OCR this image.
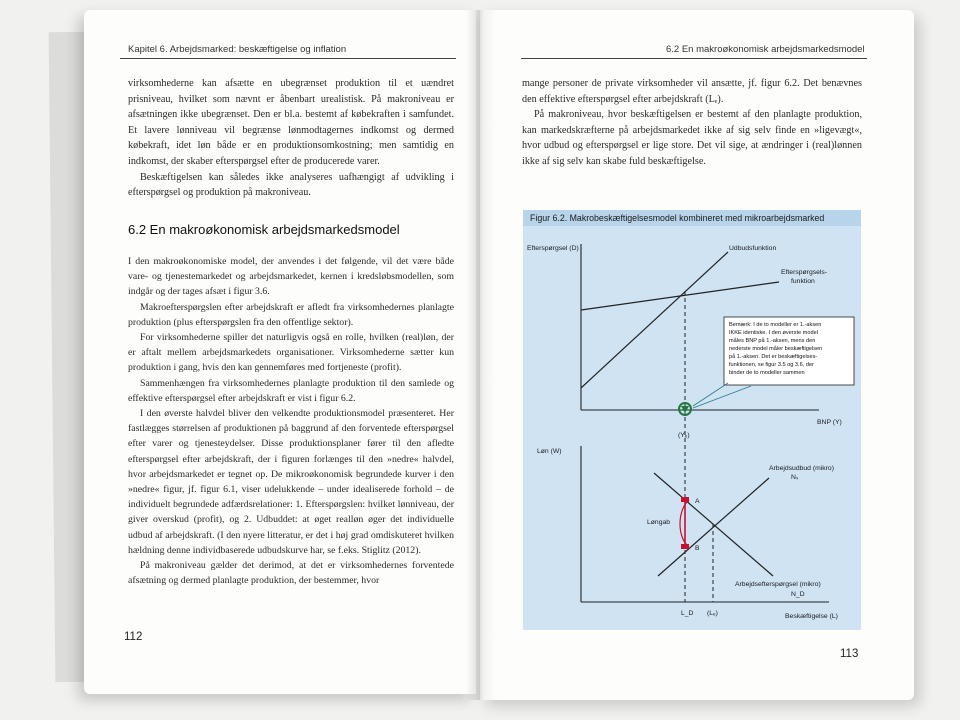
Kapitel 6. Arbejdsmarked: beskæftigelse og inflation

virksomhederne kan afsætte en ubegrænset produktion til et uændret prisniveau, hvilket som nævnt er åbenbart urealistisk. På makroniveau er afsætningen ikke ubegrænset. Den er bl.a. bestemt af købekraften i samfundet. Et lavere lønniveau vil begrænse lønmodtagernes indkomst og dermed købekraft, idet løn både er en produktionsomkostning; men samtidig en indkomst, der skaber efterspørgsel efter de producerede varer.

Beskæftigelsen kan således ikke analyseres uafhængigt af udvikling i efterspørgsel og produktion på makroniveau.

6.2 En makroøkonomisk arbejdsmarkedsmodel

I den makroøkonomiske model, der anvendes i det følgende, vil det være både vare- og tjenestemarkedet og arbejdsmarkedet, kernen i kredsløbsmodellen, som indgår og der tages afsæt i figur 3.6.

Makroefterspørgslen efter arbejdskraft er afledt fra virksomhedernes planlagte produktion (plus efterspørgslen fra den offentlige sektor).

For virksomhederne spiller det naturligvis også en rolle, hvilken (real)løn, der er aftalt mellem arbejdsmarkedets organisationer. Virksomhederne sætter kun produktion i gang, hvis den kan gennemføres med fortjeneste (profit).

Sammenhængen fra virksomhedernes planlagte produktion til den samlede og effektive efterspørgsel efter arbejdskraft er vist i figur 6.2.

I den øverste halvdel bliver den velkendte produktionsmodel præsenteret. Her fastlægges størrelsen af produktionen på baggrund af den forventede efterspørgsel efter varer og tjenesteydelser. Disse produktionsplaner fører til den afledte efterspørgsel efter arbejdskraft, der i figuren forlænges til den »nedre« halvdel, hvor arbejdsmarkedet er tegnet op. De mikroøkonomisk begrundede kurver i den »nedre« figur, jf. figur 6.1, viser udelukkende – under idealiserede forhold – de individuelt begrundede adfærdsrelationer: 1. Efterspørgslen: hvilket lønniveau, der giver overskud (profit), og 2. Udbuddet: at øget realløn øger det individuelle udbud af arbejdskraft. (I den nyere litteratur, er det i høj grad omdiskuteret hvilken hældning denne individbaserede udbudskurve har, se f.eks. Stiglitz (2012).

På makroniveau gælder det derimod, at det er virksomhedernes forventede afsætning og dermed planlagte produktion, der bestemmer, hvor

112
6.2 En makroøkonomisk arbejdsmarkedsmodel

mange personer de private virksomheder vil ansætte, jf. figur 6.2. Det benævnes den effektive efterspørgsel efter arbejdskraft (Lₑ).

På makroniveau, hvor beskæftigelsen er bestemt af den planlagte produktion, kan markedskræfterne på arbejdsmarkedet ikke af sig selv finde en »ligevægt«, hvor udbud og efterspørgsel er lige store. Det vil sige, at ændringer i (real)lønnen ikke af sig selv kan skabe fuld beskæftigelse.

Figur 6.2. Makrobeskæftigelsesmodel kombineret med mikroarbejdsmarked
Efterspørgsel (D)
BNP (Y)
Udbudsfunktion
Efterspørgsels-
funktion
Bemærk: I de to modeller er 1.-aksen
IKKE identiske. I den øverste model
måles BNP på 1.-aksen, mens den
nederste model måler beskæftigelsen
på 1.-aksen. Det er beskæftigelses-
funktionen, se figur 3.5 og 3.6, der
binder de to modeller sammen
(Yₑ)
Løn (W)
Beskæftigelse (L)
Arbejdsudbud (mikro)
Nₛ
Arbejdsefterspørgsel (mikro)
N_D
A
B
Løngab
L_D (Lₑ)
113
